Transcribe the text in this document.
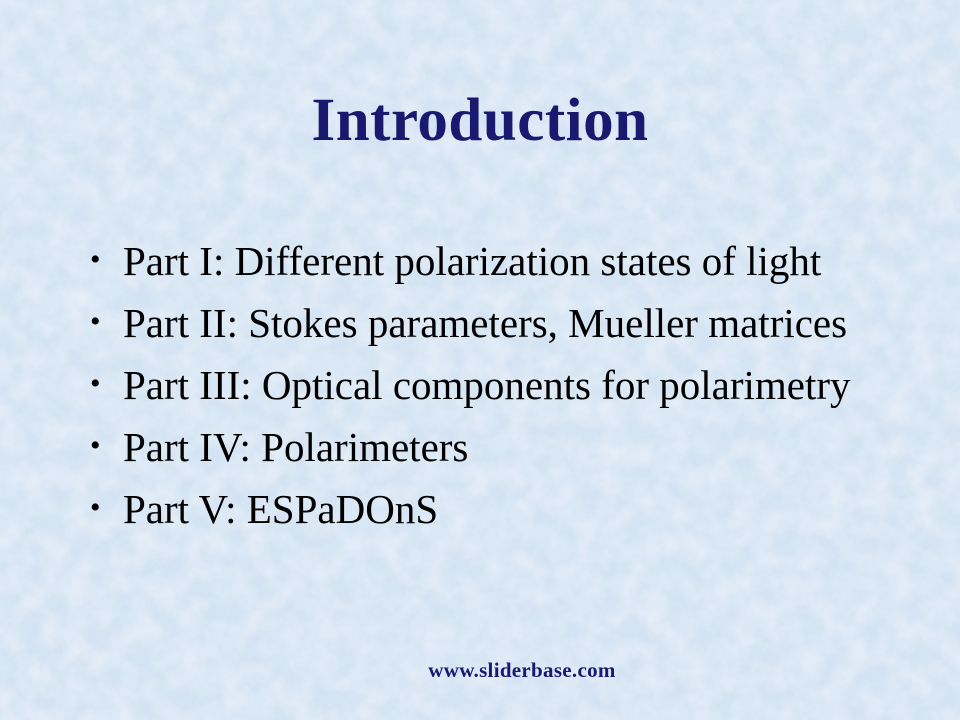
Introduction
• Part I: Different polarization states of light
• Part II: Stokes parameters, Mueller matrices
• Part III: Optical components for polarimetry
• Part IV: Polarimeters
• Part V: ESPaDOnS
www.sliderbase.com
